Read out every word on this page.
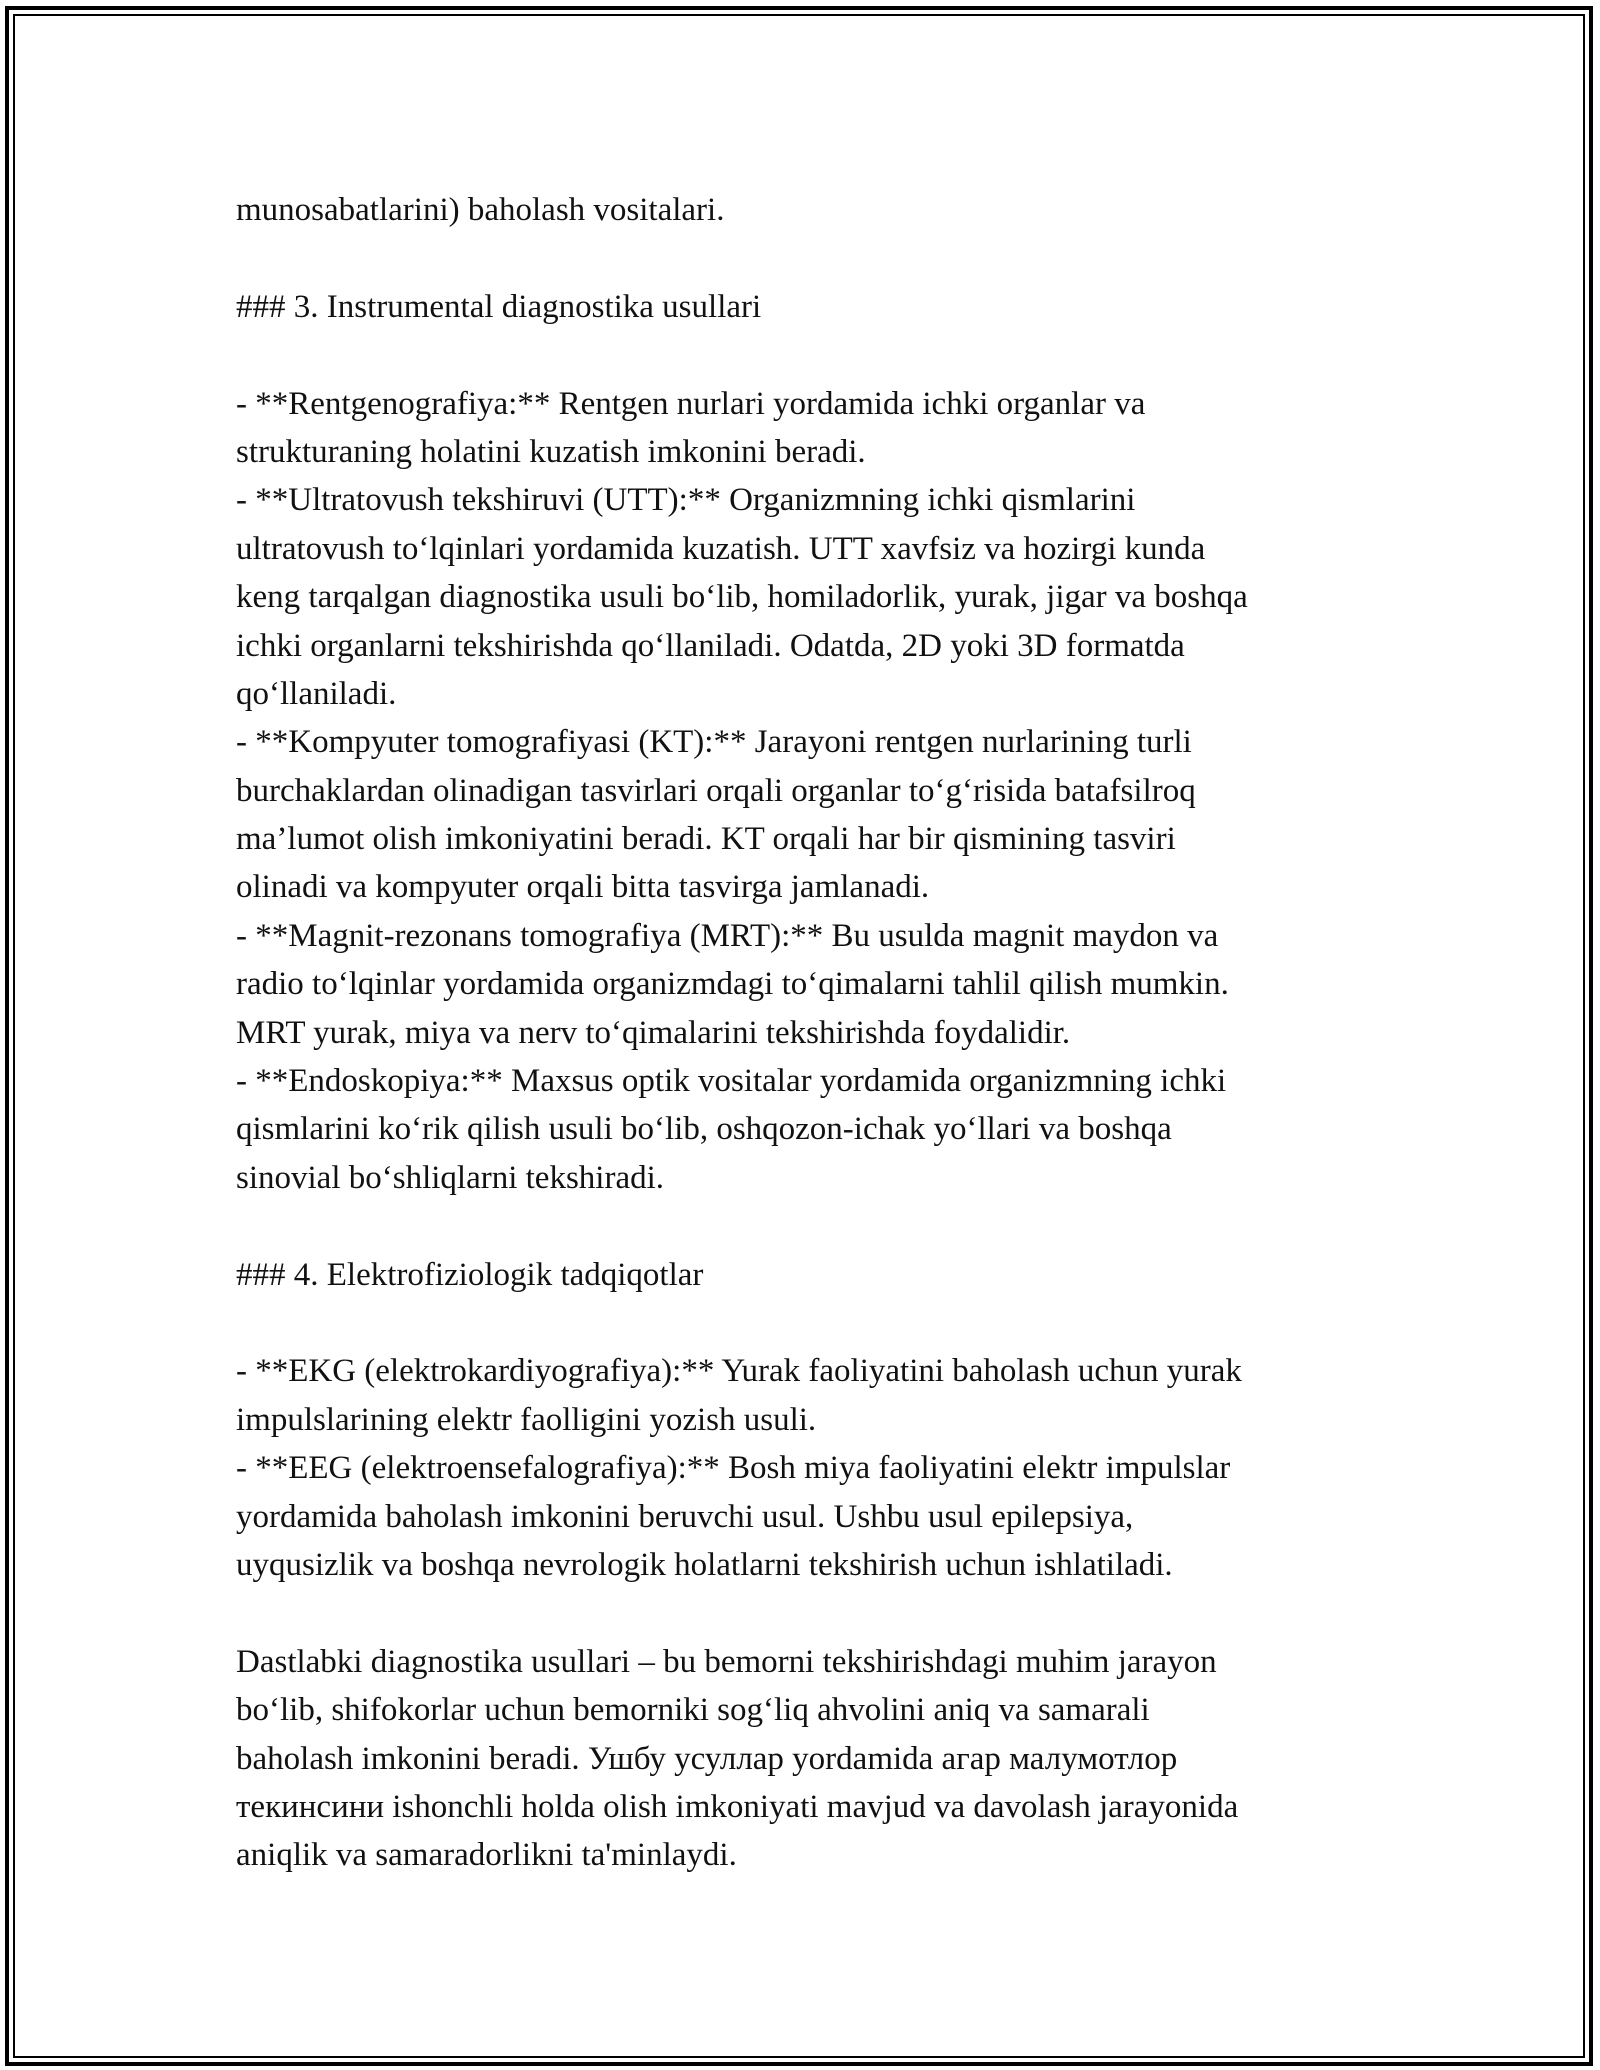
munosabatlarini) baholash vositalari.
### 3. Instrumental diagnostika usullari
- **Rentgenografiya:** Rentgen nurlari yordamida ichki organlar va
strukturaning holatini kuzatish imkonini beradi.
- **Ultratovush tekshiruvi (UTT):** Organizmning ichki qismlarini
ultratovush to‘lqinlari yordamida kuzatish. UTT xavfsiz va hozirgi kunda
keng tarqalgan diagnostika usuli bo‘lib, homiladorlik, yurak, jigar va boshqa
ichki organlarni tekshirishda qo‘llaniladi. Odatda, 2D yoki 3D formatda
qo‘llaniladi.
- **Kompyuter tomografiyasi (KT):** Jarayoni rentgen nurlarining turli
burchaklardan olinadigan tasvirlari orqali organlar to‘g‘risida batafsilroq
ma’lumot olish imkoniyatini beradi. KT orqali har bir qismining tasviri
olinadi va kompyuter orqali bitta tasvirga jamlanadi.
- **Magnit-rezonans tomografiya (MRT):** Bu usulda magnit maydon va
radio to‘lqinlar yordamida organizmdagi to‘qimalarni tahlil qilish mumkin.
MRT yurak, miya va nerv to‘qimalarini tekshirishda foydalidir.
- **Endoskopiya:** Maxsus optik vositalar yordamida organizmning ichki
qismlarini ko‘rik qilish usuli bo‘lib, oshqozon-ichak yo‘llari va boshqa
sinovial bo‘shliqlarni tekshiradi.
### 4. Elektrofiziologik tadqiqotlar
- **EKG (elektrokardiyografiya):** Yurak faoliyatini baholash uchun yurak
impulslarining elektr faolligini yozish usuli.
- **EEG (elektroensefalografiya):** Bosh miya faoliyatini elektr impulslar
yordamida baholash imkonini beruvchi usul. Ushbu usul epilepsiya,
uyqusizlik va boshqa nevrologik holatlarni tekshirish uchun ishlatiladi.
Dastlabki diagnostika usullari – bu bemorni tekshirishdagi muhim jarayon
bo‘lib, shifokorlar uchun bemorniki sog‘liq ahvolini aniq va samarali
baholash imkonini beradi. Ушбу усуллар yordamida агар малумотлор
текинсини ishonchli holda olish imkoniyati mavjud va davolash jarayonida
aniqlik va samaradorlikni ta'minlaydi.
